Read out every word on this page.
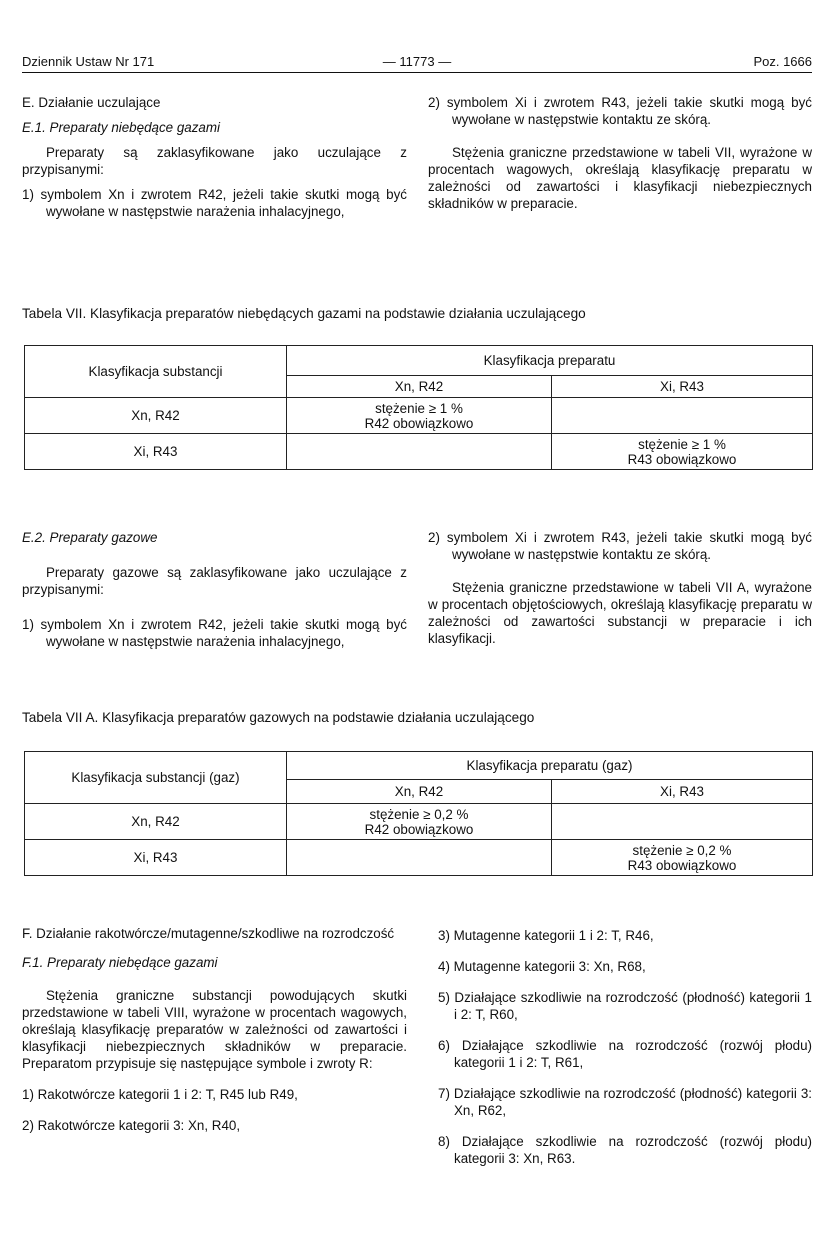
Dziennik Ustaw Nr 171	— 11773 —	Poz. 1666

E. Działanie uczulające

E.1. Preparaty niebędące gazami

Preparaty są zaklasyfikowane jako uczulające z przypisanymi:

1) symbolem Xn i zwrotem R42, jeżeli takie skutki mogą być wywołane w następstwie narażenia inhalacyjnego,

2) symbolem Xi i zwrotem R43, jeżeli takie skutki mogą być wywołane w następstwie kontaktu ze skórą.

Stężenia graniczne przedstawione w tabeli VII, wyrażone w procentach wagowych, określają klasyfikację preparatu w zależności od zawartości i klasyfikacji niebezpiecznych składników w preparacie.

Tabela VII. Klasyfikacja preparatów niebędących gazami na podstawie działania uczulającego
Klasyfikacja substancji	Klasyfikacja preparatu	
	Xn, R42	Xi, R43
Xn, R42	stężenie ≥ 1 %
R42 obowiązkowo	

Xi, R43		stężenie ≥ 1 %
R43 obowiązkowo

E.2. Preparaty gazowe

Preparaty gazowe są zaklasyfikowane jako uczulające z przypisanymi:

1) symbolem Xn i zwrotem R42, jeżeli takie skutki mogą być wywołane w następstwie narażenia inhalacyjnego,

2) symbolem Xi i zwrotem R43, jeżeli takie skutki mogą być wywołane w następstwie kontaktu ze skórą.

Stężenia graniczne przedstawione w tabeli VII A, wyrażone w procentach objętościowych, określają klasyfikację preparatu w zależności od zawartości substancji w preparacie i ich klasyfikacji.

Tabela VII A. Klasyfikacja preparatów gazowych na podstawie działania uczulającego
Klasyfikacja substancji (gaz)	Klasyfikacja preparatu (gaz)	
	Xn, R42	Xi, R43
Xn, R42	stężenie ≥ 0,2 %
R42 obowiązkowo	

Xi, R43		stężenie ≥ 0,2 %
R43 obowiązkowo

F. Działanie rakotwórcze/mutagenne/szkodliwe na rozrodczość

F.1. Preparaty niebędące gazami

Stężenia graniczne substancji powodujących skutki przedstawione w tabeli VIII, wyrażone w procentach wagowych, określają klasyfikację preparatów w zależności od zawartości i klasyfikacji niebezpiecznych składników w preparacie. Preparatom przypisuje się następujące symbole i zwroty R:

1) Rakotwórcze kategorii 1 i 2: T, R45 lub R49,

2) Rakotwórcze kategorii 3: Xn, R40,

3) Mutagenne kategorii 1 i 2: T, R46,

4) Mutagenne kategorii 3: Xn, R68,

5) Działające szkodliwie na rozrodczość (płodność) kategorii 1 i 2: T, R60,

6) Działające szkodliwie na rozrodczość (rozwój płodu) kategorii 1 i 2: T, R61,

7) Działające szkodliwie na rozrodczość (płodność) kategorii 3: Xn, R62,

8) Działające szkodliwie na rozrodczość (rozwój płodu) kategorii 3: Xn, R63.
